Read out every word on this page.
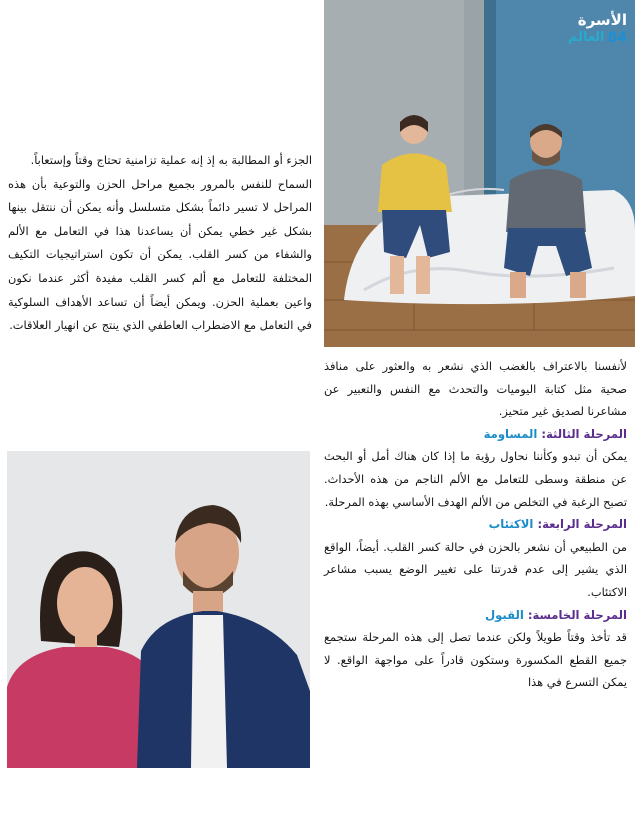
الأسرة
العالم 84

الجزء أو المطالبة به إذ إنه عملية تزامنية تحتاج وقتاً وإستعاباً.

السماح للنفس بالمرور بجميع مراحل الحزن والتوعية بأن هذه المراحل لا تسير دائماً بشكل متسلسل وأنه يمكن أن ننتقل بينها بشكل غير خطي يمكن أن يساعدنا هذا في التعامل مع الألم والشفاء من كسر القلب. يمكن أن تكون استراتيجيات التكيف المختلفة للتعامل مع ألم كسر القلب مفيدة أكثر عندما نكون واعين بعملية الحزن. ويمكن أيضاً أن تساعد الأهداف السلوكية في التعامل مع الاضطراب العاطفي الذي ينتج عن انهيار العلاقات.

لأنفسنا بالاعتراف بالغضب الذي نشعر به والعثور على منافذ صحية مثل كتابة اليوميات والتحدث مع النفس والتعبير عن مشاعرنا لصديق غير متحيز.

المرحلة الثالثة: المساومة

يمكن أن تبدو وكأننا نحاول رؤية ما إذا كان هناك أمل أو البحث عن منطقة وسطى للتعامل مع الألم الناجم من هذه الأحداث. تصبح الرغبة في التخلص من الألم الهدف الأساسي بهذه المرحلة.

المرحلة الرابعة: الاكتئاب

من الطبيعي أن نشعر بالحزن في حالة كسر القلب. أيضاً، الواقع الذي يشير إلى عدم قدرتنا على تغيير الوضع يسبب مشاعر الاكتئاب.

المرحلة الخامسة: القبول

قد تأخذ وقتاً طويلاً ولكن عندما تصل إلى هذه المرحلة ستجمع جميع القطع المكسورة وستكون قادراً على مواجهة الواقع. لا يمكن التسرع في هذا
